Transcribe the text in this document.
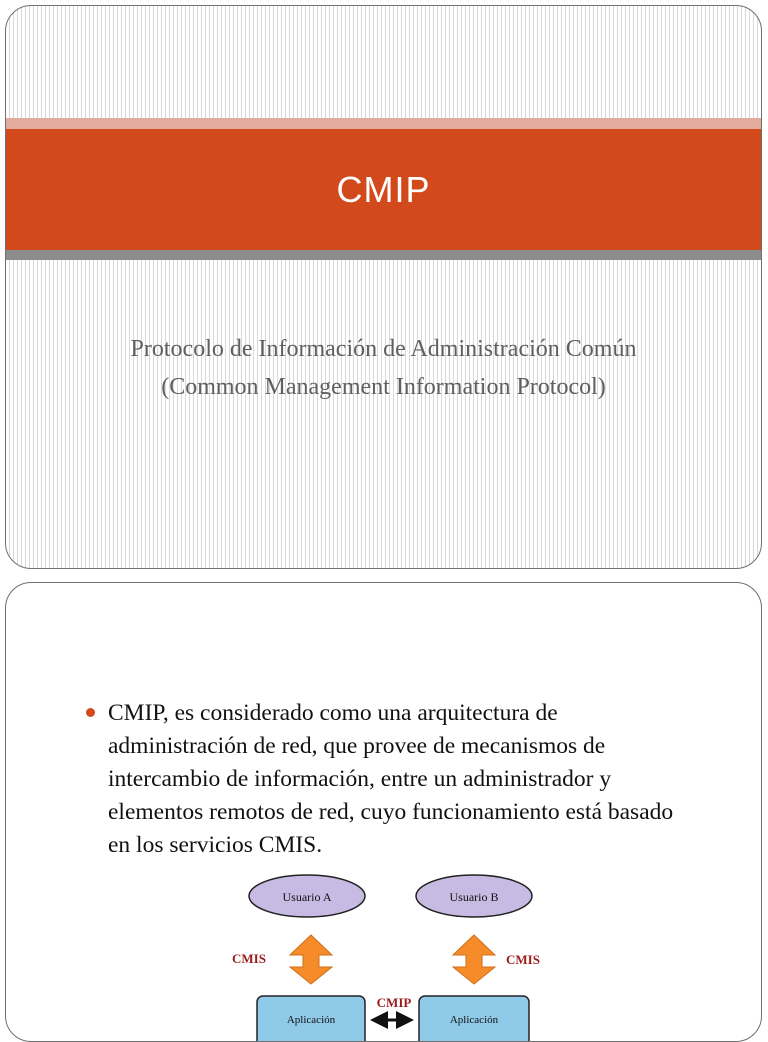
CMIP
Protocolo de Información de Administración Común
(Common Management Information Protocol)
CMIP, es considerado como una arquitectura de
administración de red, que provee de mecanismos de
intercambio de información, entre un administrador y
elementos remotos de red, cuyo funcionamiento está basado
en los servicios CMIS.
Usuario A	Usuario B
CMIS	CMIS
CMIP
Aplicación	Aplicación
